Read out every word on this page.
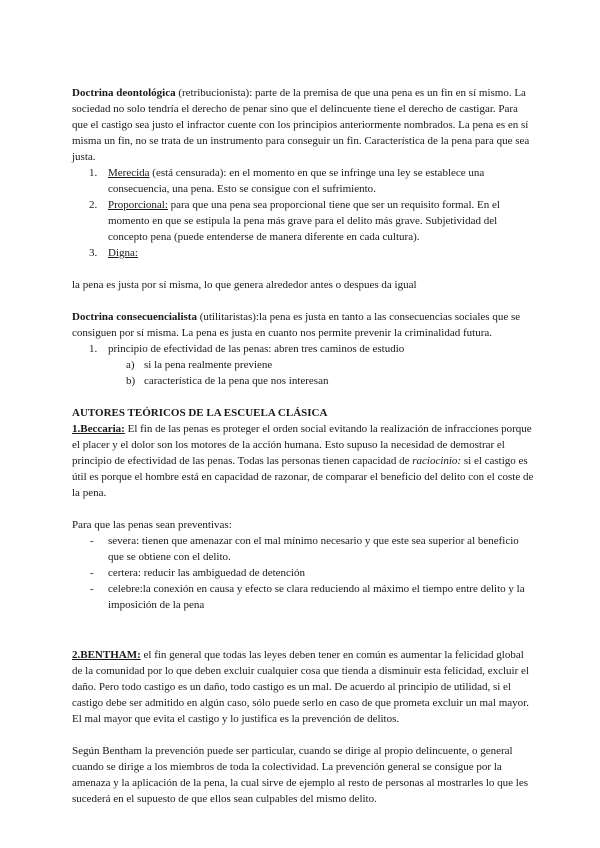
Doctrina deontológica (retribucionista): parte de la premisa de que una pena es un fin en sí mismo. La sociedad no solo tendría el derecho de penar sino que el delincuente tiene el derecho de castigar. Para que el castigo sea justo el infractor cuente con los principios anteriormente nombrados. La pena es en sí misma un fin, no se trata de un instrumento para conseguir un fin. Característica de la pena para que sea justa.

1. Merecida (está censurada): en el momento en que se infringe una ley se establece una consecuencia, una pena. Esto se consigue con el sufrimiento.
2. Proporcional: para que una pena sea proporcional tiene que ser un requisito formal. En el momento en que se estipula la pena más grave para el delito más grave. Subjetividad del concepto pena (puede entenderse de manera diferente en cada cultura).
3. Digna:

la pena es justa por sí misma, lo que genera alrededor antes o despues da igual

Doctrina consecuencialista (utilitaristas):la pena es justa en tanto a las consecuencias sociales que se consiguen por sí misma. La pena es justa en cuanto nos permite prevenir la criminalidad futura.

1. principio de efectividad de las penas: abren tres caminos de estudio
a) si la pena realmente previene
b) característica de la pena que nos interesan

AUTORES TEÓRICOS DE LA ESCUELA CLÁSICA

1.Beccaria: El fin de las penas es proteger el orden social evitando la realización de infracciones porque el placer y el dolor son los motores de la acción humana. Esto supuso la necesidad de demostrar el principio de efectividad de las penas. Todas las personas tienen capacidad de raciocinio: si el castigo es útil es porque el hombre está en capacidad de razonar, de comparar el beneficio del delito con el coste de la pena.

Para que las penas sean preventivas:

- severa: tienen que amenazar con el mal mínimo necesario y que este sea superior al beneficio que se obtiene con el delito.
- certera: reducir las ambiguedad de detención
- celebre:la conexión en causa y efecto se clara reduciendo al máximo el tiempo entre delito y la imposición de la pena

2.BENTHAM: el fin general que todas las leyes deben tener en común es aumentar la felicidad global de la comunidad por lo que deben excluir cualquier cosa que tienda a disminuir esta felicidad, excluir el daño. Pero todo castigo es un daño, todo castigo es un mal. De acuerdo al principio de utilidad, si el castigo debe ser admitido en algún caso, sólo puede serlo en caso de que prometa excluir un mal mayor. El mal mayor que evita el castigo y lo justifica es la prevención de delitos.

Según Bentham la prevención puede ser particular, cuando se dirige al propio delincuente, o general cuando se dirige a los miembros de toda la colectividad. La prevención general se consigue por la amenaza y la aplicación de la pena, la cual sirve de ejemplo al resto de personas al mostrarles lo que les sucederá en el supuesto de que ellos sean culpables del mismo delito.
